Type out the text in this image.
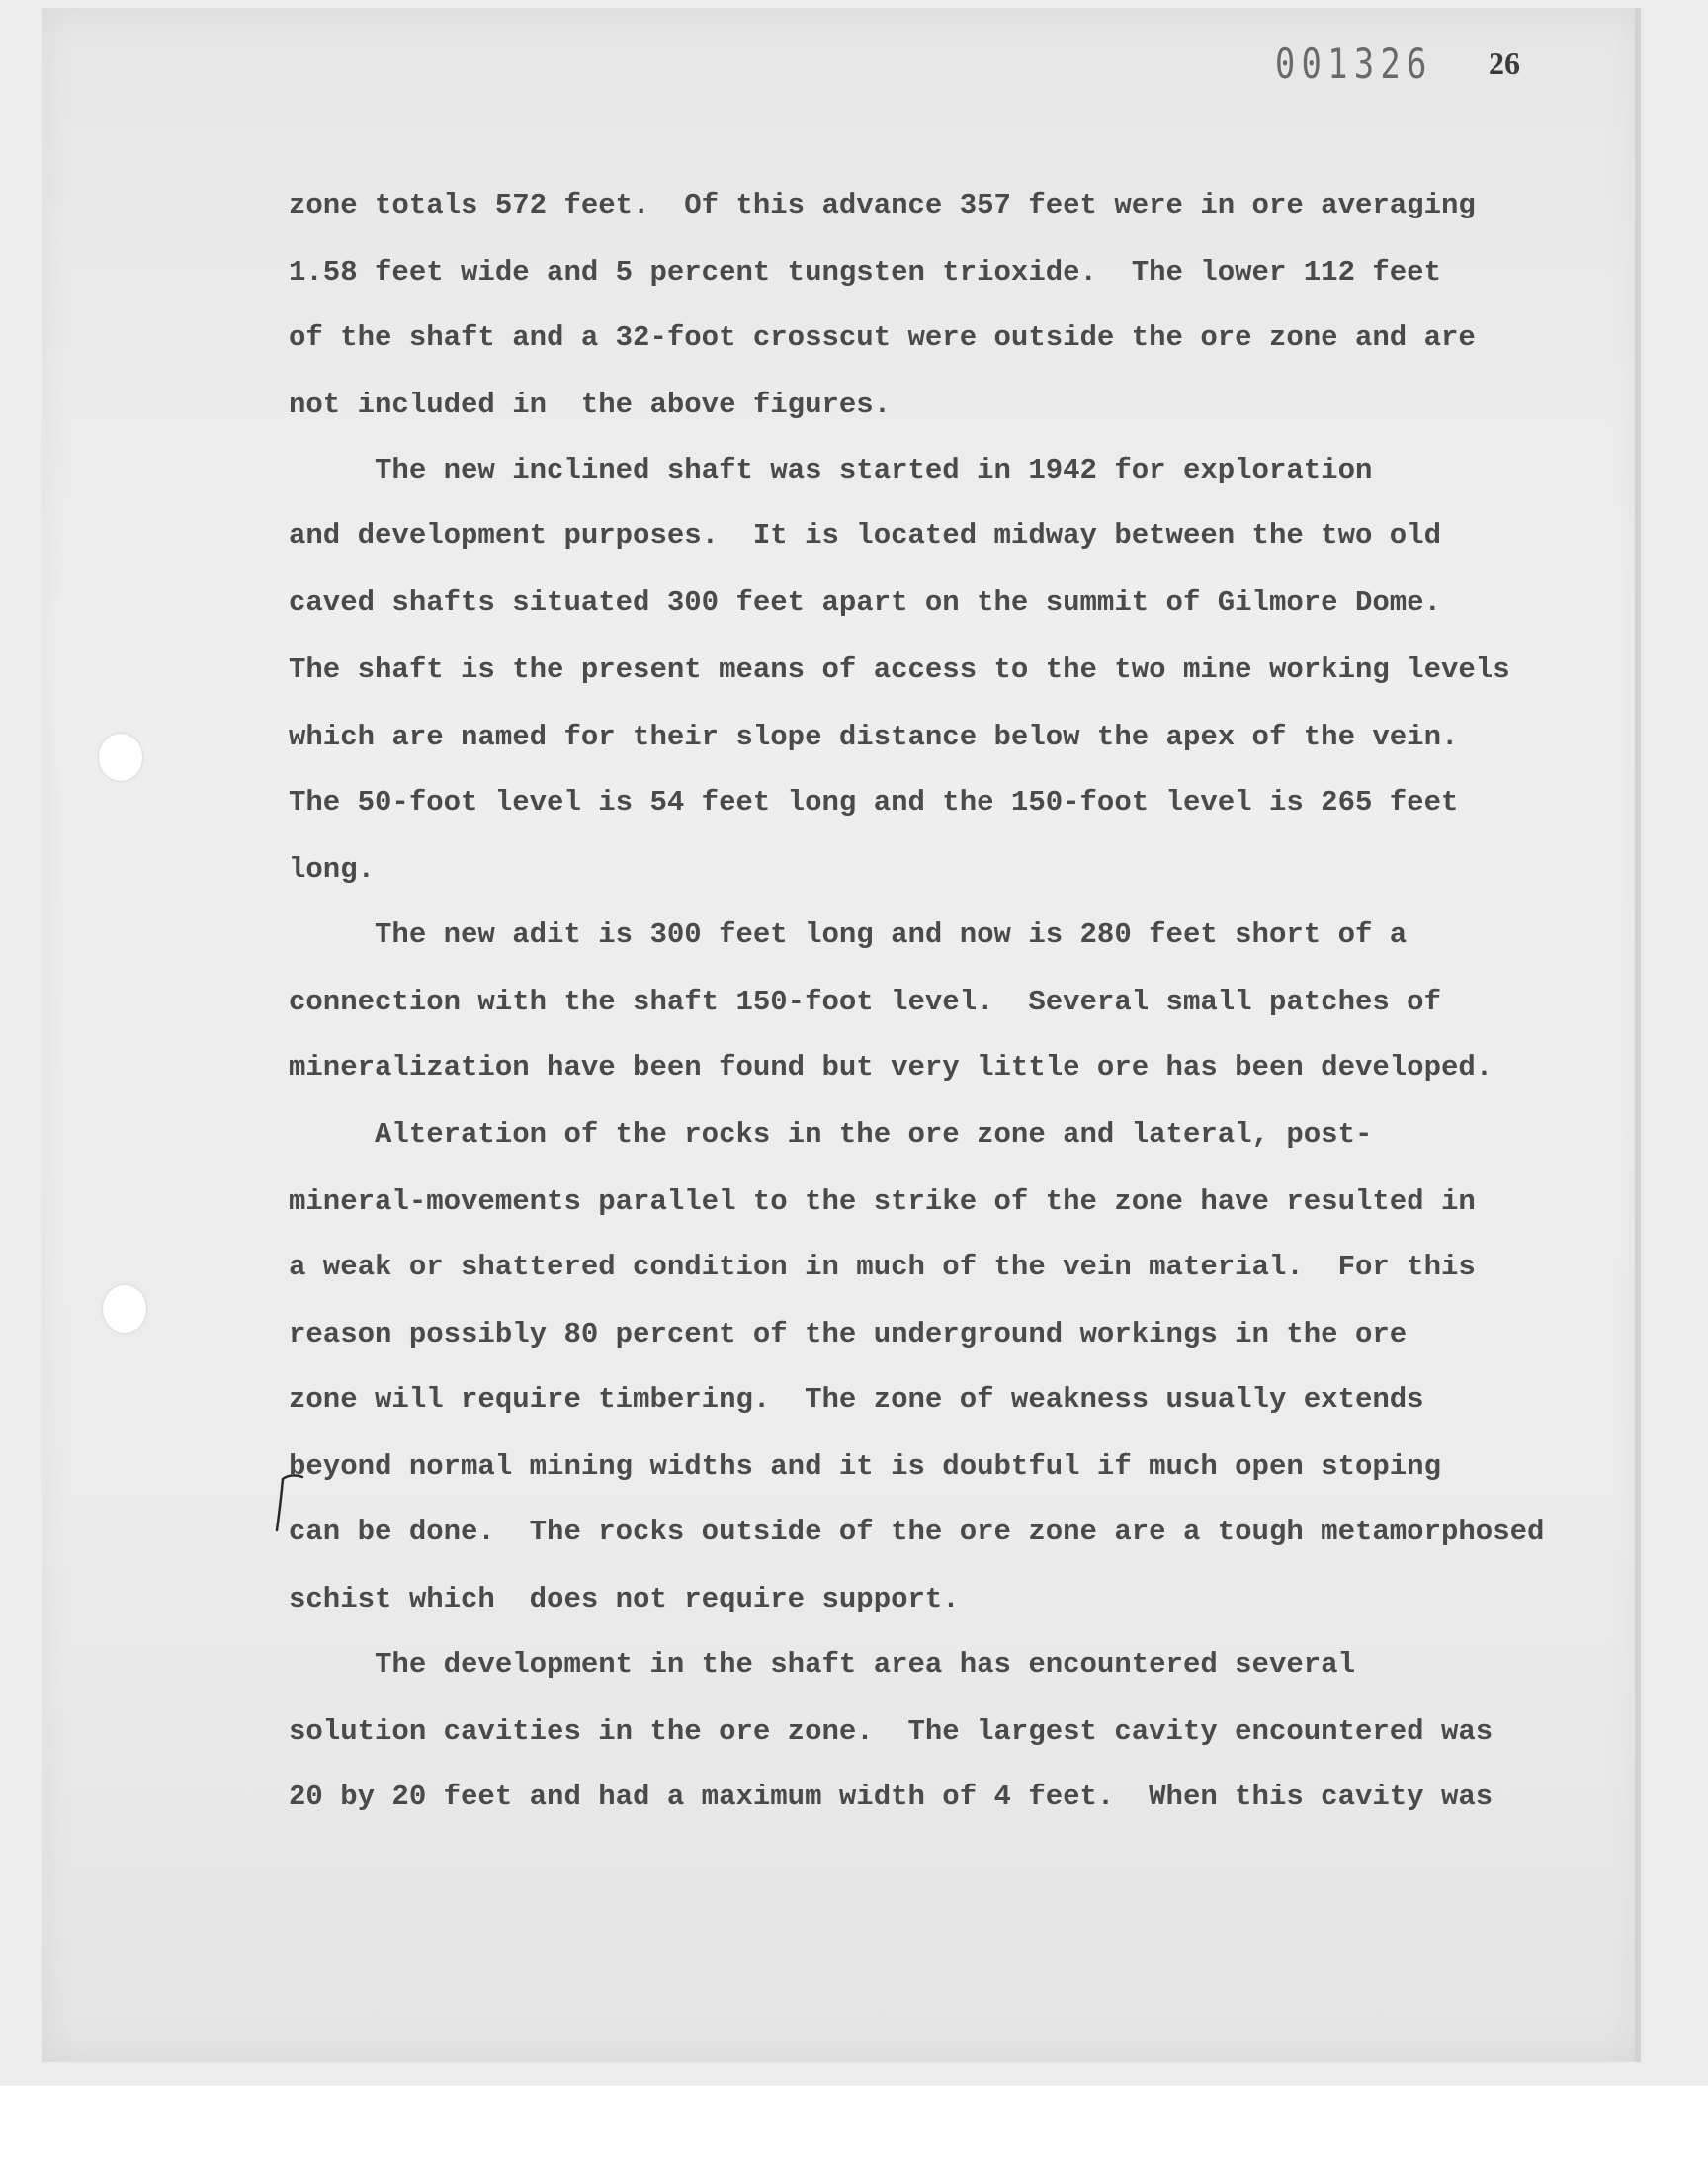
001326 26
zone totals 572 feet.  Of this advance 357 feet were in ore averaging
1.58 feet wide and 5 percent tungsten trioxide.  The lower 112 feet
of the shaft and a 32-foot crosscut were outside the ore zone and are
not included in  the above figures.
The new inclined shaft was started in 1942 for exploration
and development purposes.  It is located midway between the two old
caved shafts situated 300 feet apart on the summit of Gilmore Dome.
The shaft is the present means of access to the two mine working levels
which are named for their slope distance below the apex of the vein.
The 50-foot level is 54 feet long and the 150-foot level is 265 feet
long.
The new adit is 300 feet long and now is 280 feet short of a
connection with the shaft 150-foot level.  Several small patches of
mineralization have been found but very little ore has been developed.
Alteration of the rocks in the ore zone and lateral, post-
mineral-movements parallel to the strike of the zone have resulted in
a weak or shattered condition in much of the vein material.  For this
reason possibly 80 percent of the underground workings in the ore
zone will require timbering.  The zone of weakness usually extends
beyond normal mining widths and it is doubtful if much open stoping
can be done.  The rocks outside of the ore zone are a tough metamorphosed
schist which  does not require support.
The development in the shaft area has encountered several
solution cavities in the ore zone.  The largest cavity encountered was
20 by 20 feet and had a maximum width of 4 feet.  When this cavity was
